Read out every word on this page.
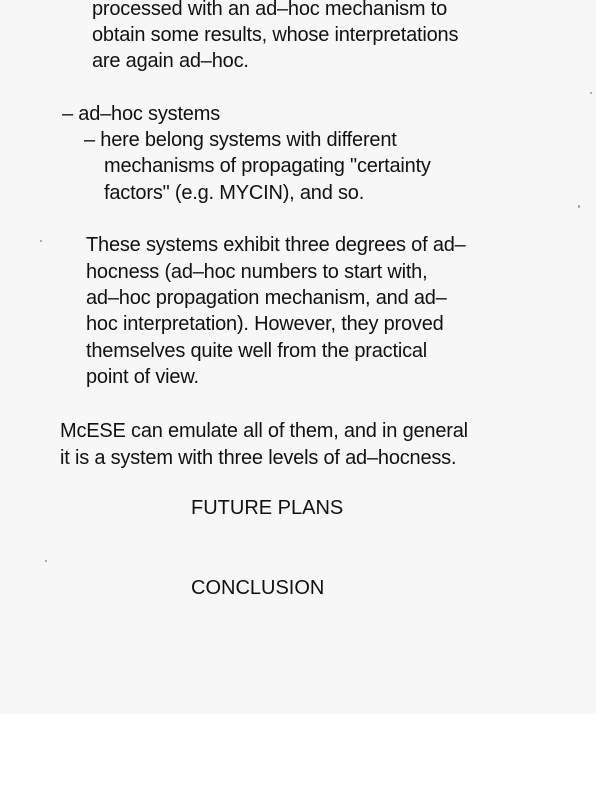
processed with an ad–hoc mechanism to
obtain some results, whose interpretations
are again ad–hoc.
– ad–hoc systems
– here belong systems with different
mechanisms of propagating "certainty
factors" (e.g. MYCIN), and so.
These systems exhibit three degrees of ad–
hocness (ad–hoc numbers to start with,
ad–hoc propagation mechanism, and ad–
hoc interpretation). However, they proved
themselves quite well from the practical
point of view.
McESE can emulate all of them, and in general
it is a system with three levels of ad–hocness.
FUTURE PLANS
CONCLUSION
